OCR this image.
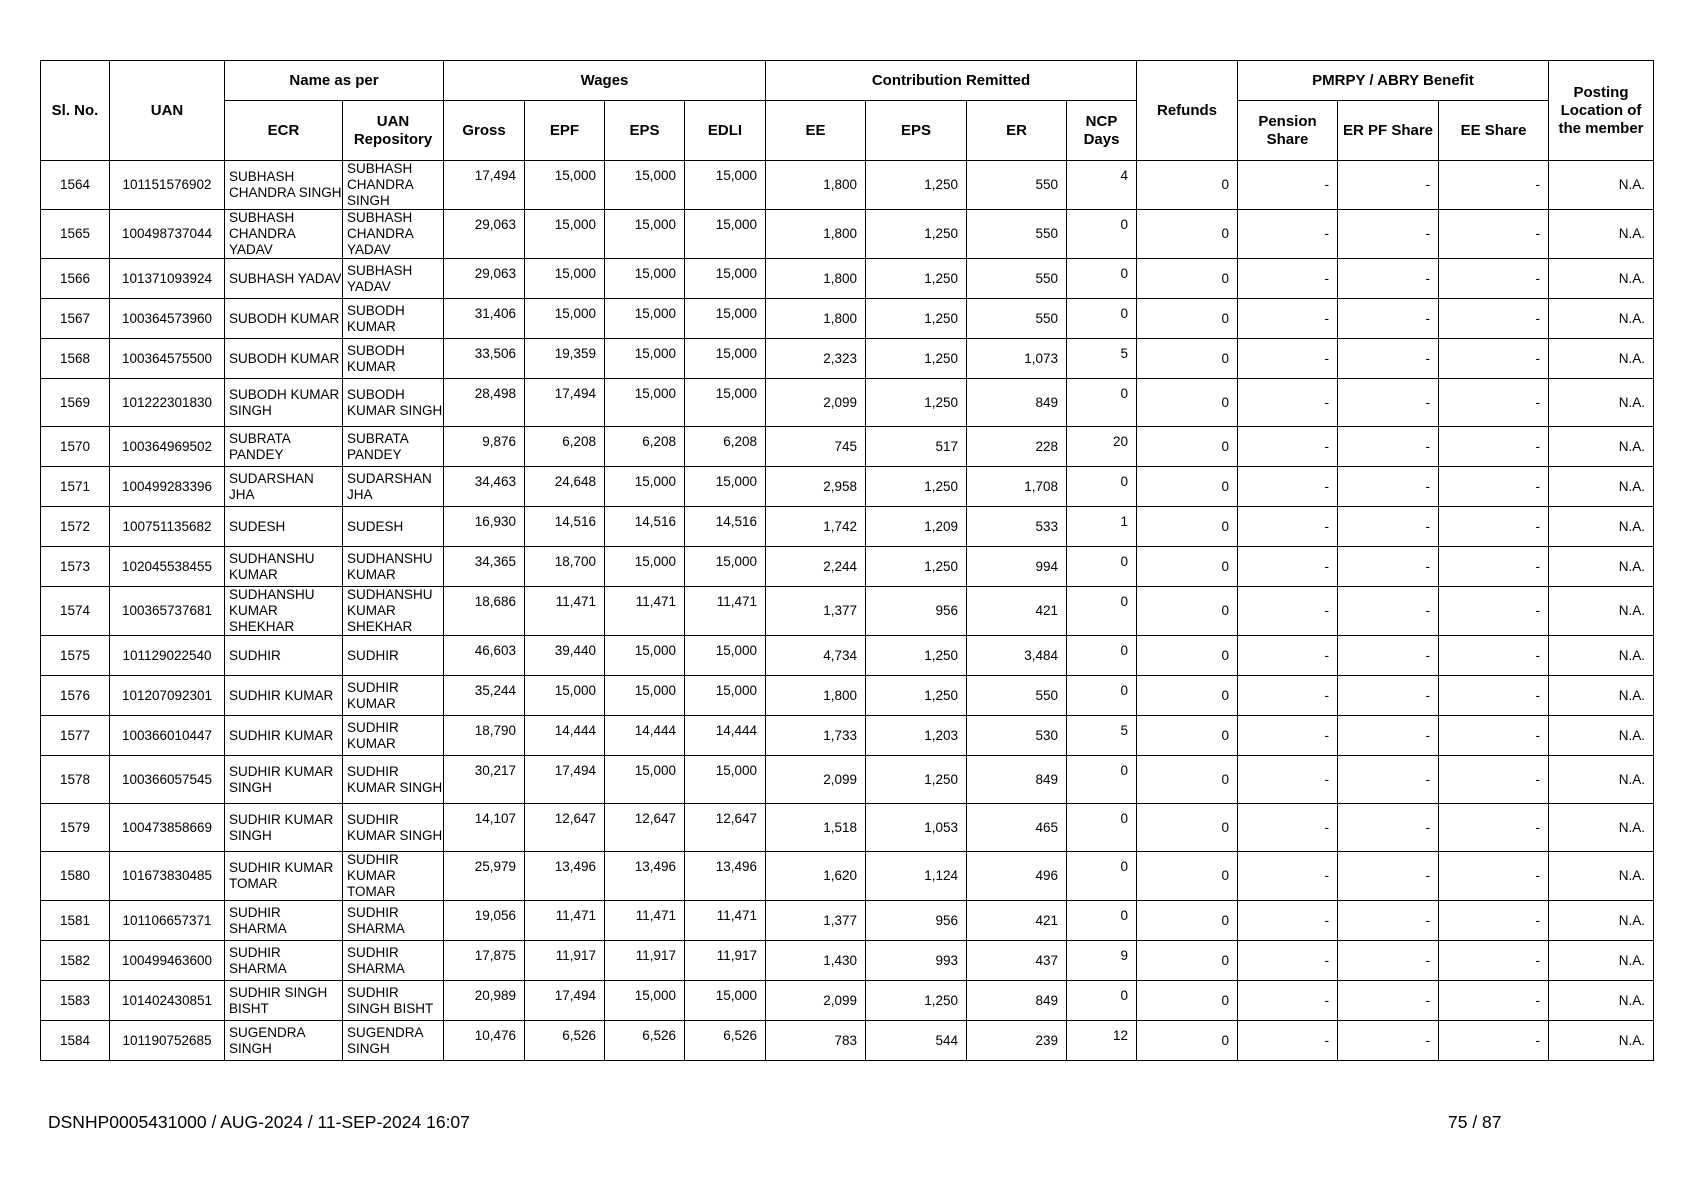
Sl. No.	UAN	Name as per		Wages				Contribution Remitted				Refunds	PMRPY / ABRY Benefit			Posting Location of the member
		ECR	UAN Repository	Gross	EPF	EPS	EDLI	EE	EPS	ER	NCP Days		Pension Share	ER PF Share	EE Share	
1564	101151576902	SUBHASH CHANDRA SINGH	SUBHASH CHANDRA SINGH	17,494	15,000	15,000	15,000	1,800	1,250	550	4	0	-	-	-	N.A.
1565	100498737044	SUBHASH CHANDRA YADAV	SUBHASH CHANDRA YADAV	29,063	15,000	15,000	15,000	1,800	1,250	550	0	0	-	-	-	N.A.
1566	101371093924	SUBHASH YADAV	SUBHASH YADAV	29,063	15,000	15,000	15,000	1,800	1,250	550	0	0	-	-	-	N.A.
1567	100364573960	SUBODH KUMAR	SUBODH KUMAR	31,406	15,000	15,000	15,000	1,800	1,250	550	0	0	-	-	-	N.A.
1568	100364575500	SUBODH KUMAR	SUBODH KUMAR	33,506	19,359	15,000	15,000	2,323	1,250	1,073	5	0	-	-	-	N.A.
1569	101222301830	SUBODH KUMAR SINGH	SUBODH KUMAR SINGH	28,498	17,494	15,000	15,000	2,099	1,250	849	0	0	-	-	-	N.A.
1570	100364969502	SUBRATA PANDEY	SUBRATA PANDEY	9,876	6,208	6,208	6,208	745	517	228	20	0	-	-	-	N.A.
1571	100499283396	SUDARSHAN JHA	SUDARSHAN JHA	34,463	24,648	15,000	15,000	2,958	1,250	1,708	0	0	-	-	-	N.A.
1572	100751135682	SUDESH	SUDESH	16,930	14,516	14,516	14,516	1,742	1,209	533	1	0	-	-	-	N.A.
1573	102045538455	SUDHANSHU KUMAR	SUDHANSHU KUMAR	34,365	18,700	15,000	15,000	2,244	1,250	994	0	0	-	-	-	N.A.
1574	100365737681	SUDHANSHU KUMAR SHEKHAR	SUDHANSHU KUMAR SHEKHAR	18,686	11,471	11,471	11,471	1,377	956	421	0	0	-	-	-	N.A.
1575	101129022540	SUDHIR	SUDHIR	46,603	39,440	15,000	15,000	4,734	1,250	3,484	0	0	-	-	-	N.A.
1576	101207092301	SUDHIR KUMAR	SUDHIR KUMAR	35,244	15,000	15,000	15,000	1,800	1,250	550	0	0	-	-	-	N.A.
1577	100366010447	SUDHIR KUMAR	SUDHIR KUMAR	18,790	14,444	14,444	14,444	1,733	1,203	530	5	0	-	-	-	N.A.
1578	100366057545	SUDHIR KUMAR SINGH	SUDHIR KUMAR SINGH	30,217	17,494	15,000	15,000	2,099	1,250	849	0	0	-	-	-	N.A.
1579	100473858669	SUDHIR KUMAR SINGH	SUDHIR KUMAR SINGH	14,107	12,647	12,647	12,647	1,518	1,053	465	0	0	-	-	-	N.A.
1580	101673830485	SUDHIR KUMAR TOMAR	SUDHIR KUMAR TOMAR	25,979	13,496	13,496	13,496	1,620	1,124	496	0	0	-	-	-	N.A.
1581	101106657371	SUDHIR SHARMA	SUDHIR SHARMA	19,056	11,471	11,471	11,471	1,377	956	421	0	0	-	-	-	N.A.
1582	100499463600	SUDHIR SHARMA	SUDHIR SHARMA	17,875	11,917	11,917	11,917	1,430	993	437	9	0	-	-	-	N.A.
1583	101402430851	SUDHIR SINGH BISHT	SUDHIR SINGH BISHT	20,989	17,494	15,000	15,000	2,099	1,250	849	0	0	-	-	-	N.A.
1584	101190752685	SUGENDRA SINGH	SUGENDRA SINGH	10,476	6,526	6,526	6,526	783	544	239	12	0	-	-	-	N.A.
DSNHP0005431000 / AUG-2024 / 11-SEP-2024 16:07	75 / 87
